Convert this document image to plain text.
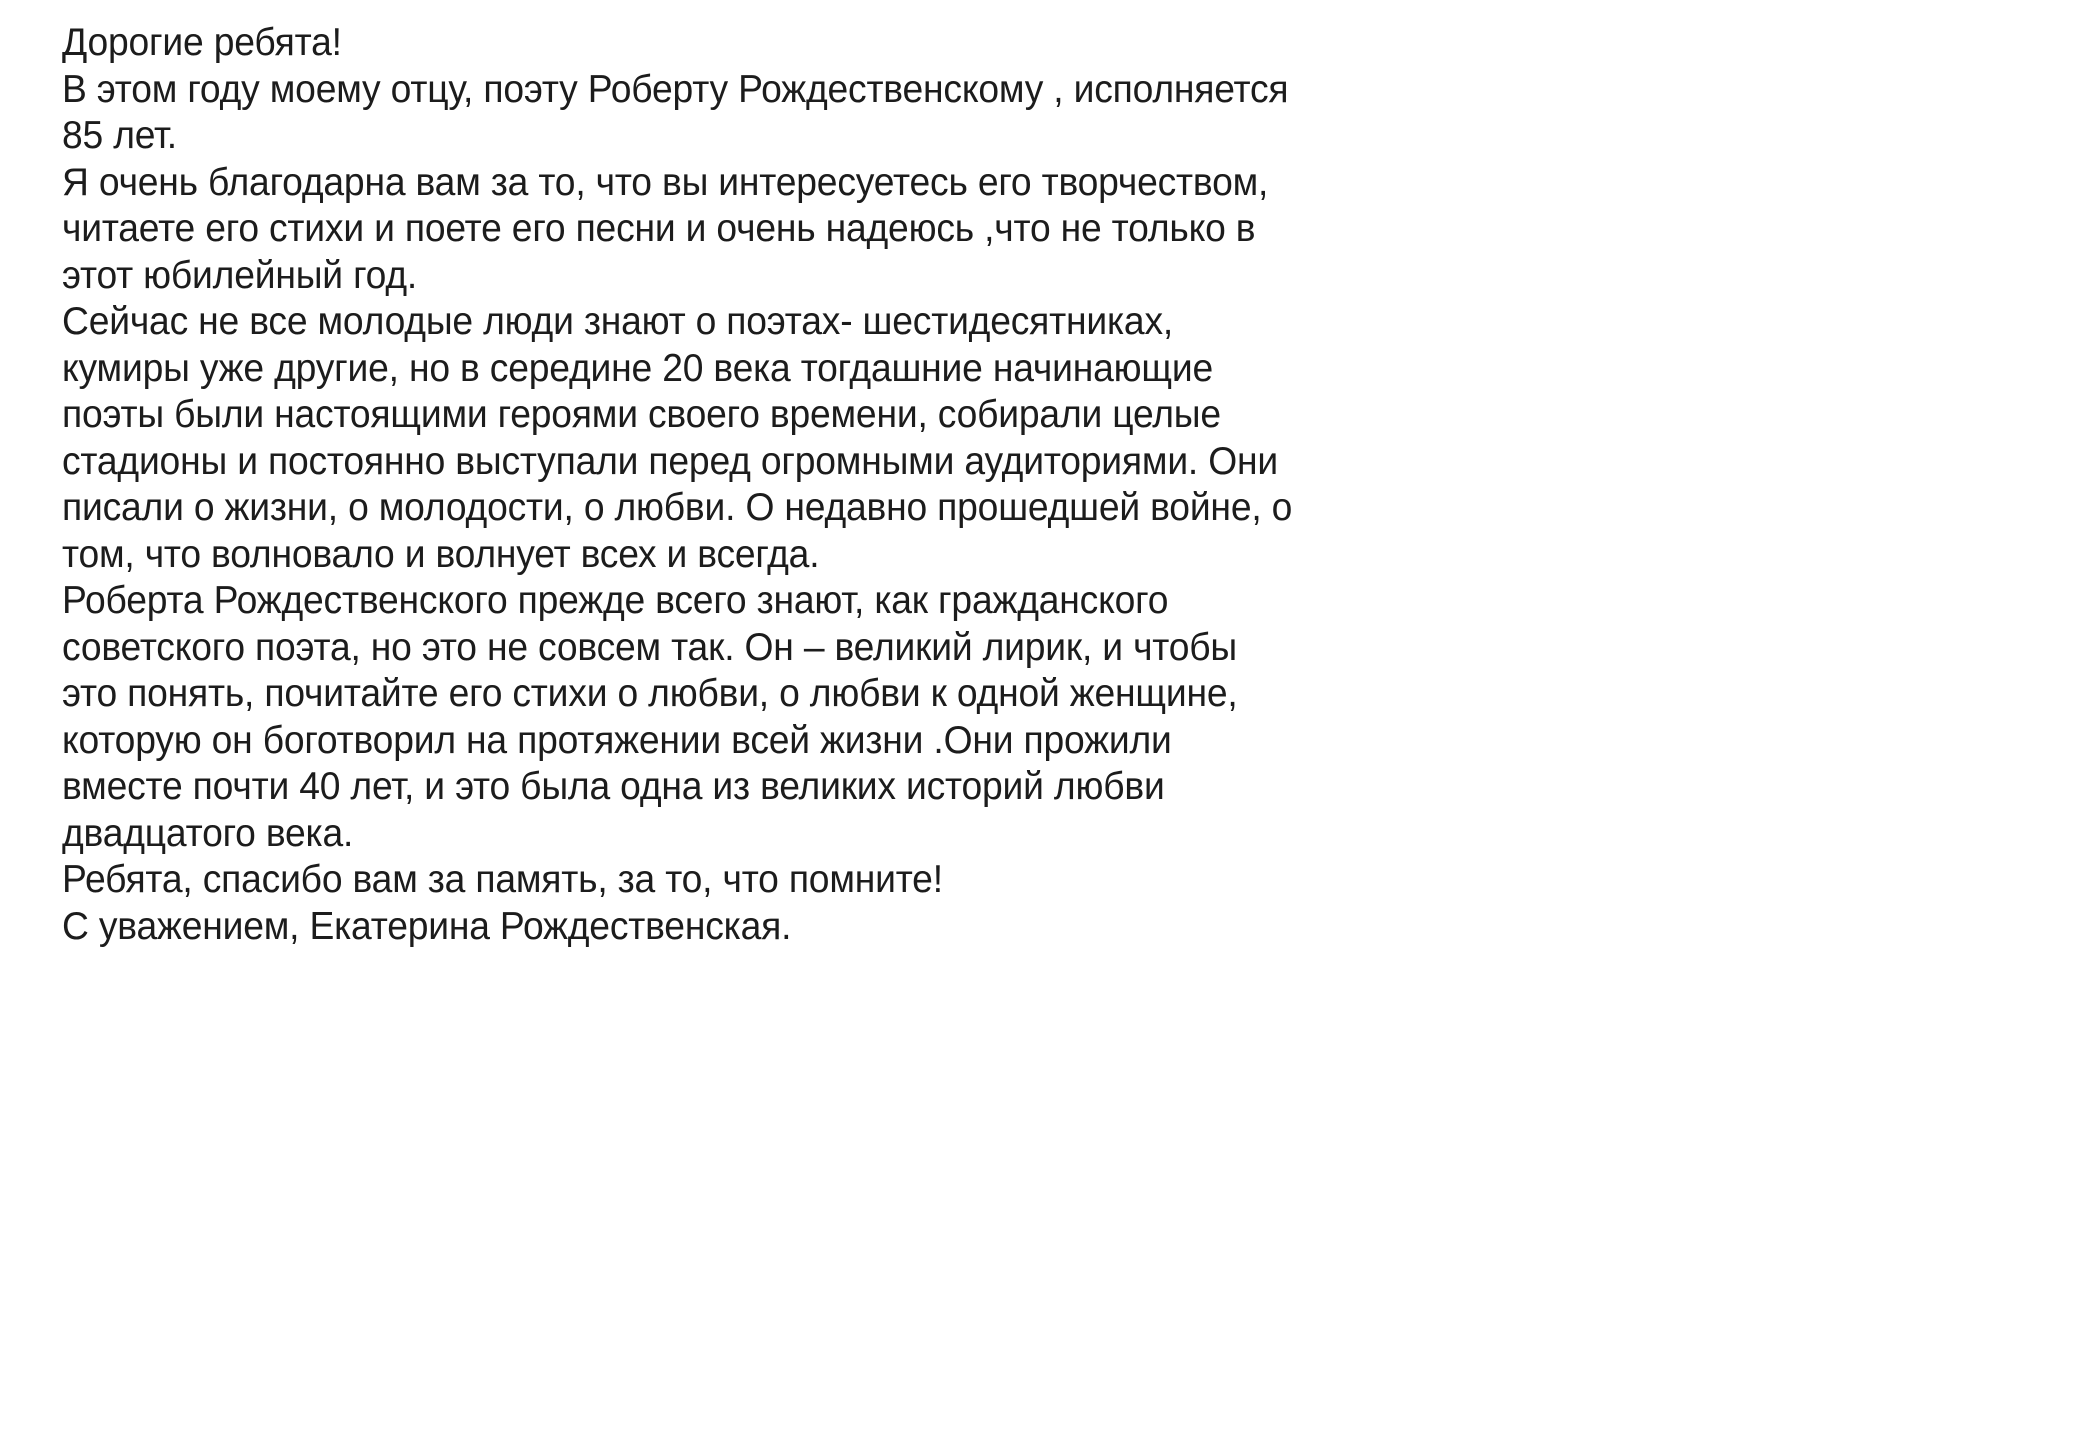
Дорогие ребята!
В этом году моему отцу, поэту Роберту Рождественскому , исполняется
85 лет.
Я очень благодарна вам за то, что вы интересуетесь его творчеством,
читаете его стихи и поете его песни и очень надеюсь ,что не только в
этот юбилейный год.
Сейчас не все молодые люди знают о поэтах- шестидесятниках,
кумиры уже другие, но в середине 20 века тогдашние начинающие
поэты были настоящими героями своего времени, собирали целые
стадионы и постоянно выступали перед огромными аудиториями. Они
писали о жизни, о молодости, о любви. О недавно прошедшей войне, о
том, что волновало и волнует всех и всегда.
Роберта Рождественского прежде всего знают, как гражданского
советского поэта, но это не совсем так. Он – великий лирик, и чтобы
это понять, почитайте его стихи о любви, о любви к одной женщине,
которую он боготворил на протяжении всей жизни .Они прожили
вместе почти 40 лет, и это была одна из великих историй любви
двадцатого века.
Ребята, спасибо вам за память, за то, что помните!
С уважением, Екатерина Рождественская.
